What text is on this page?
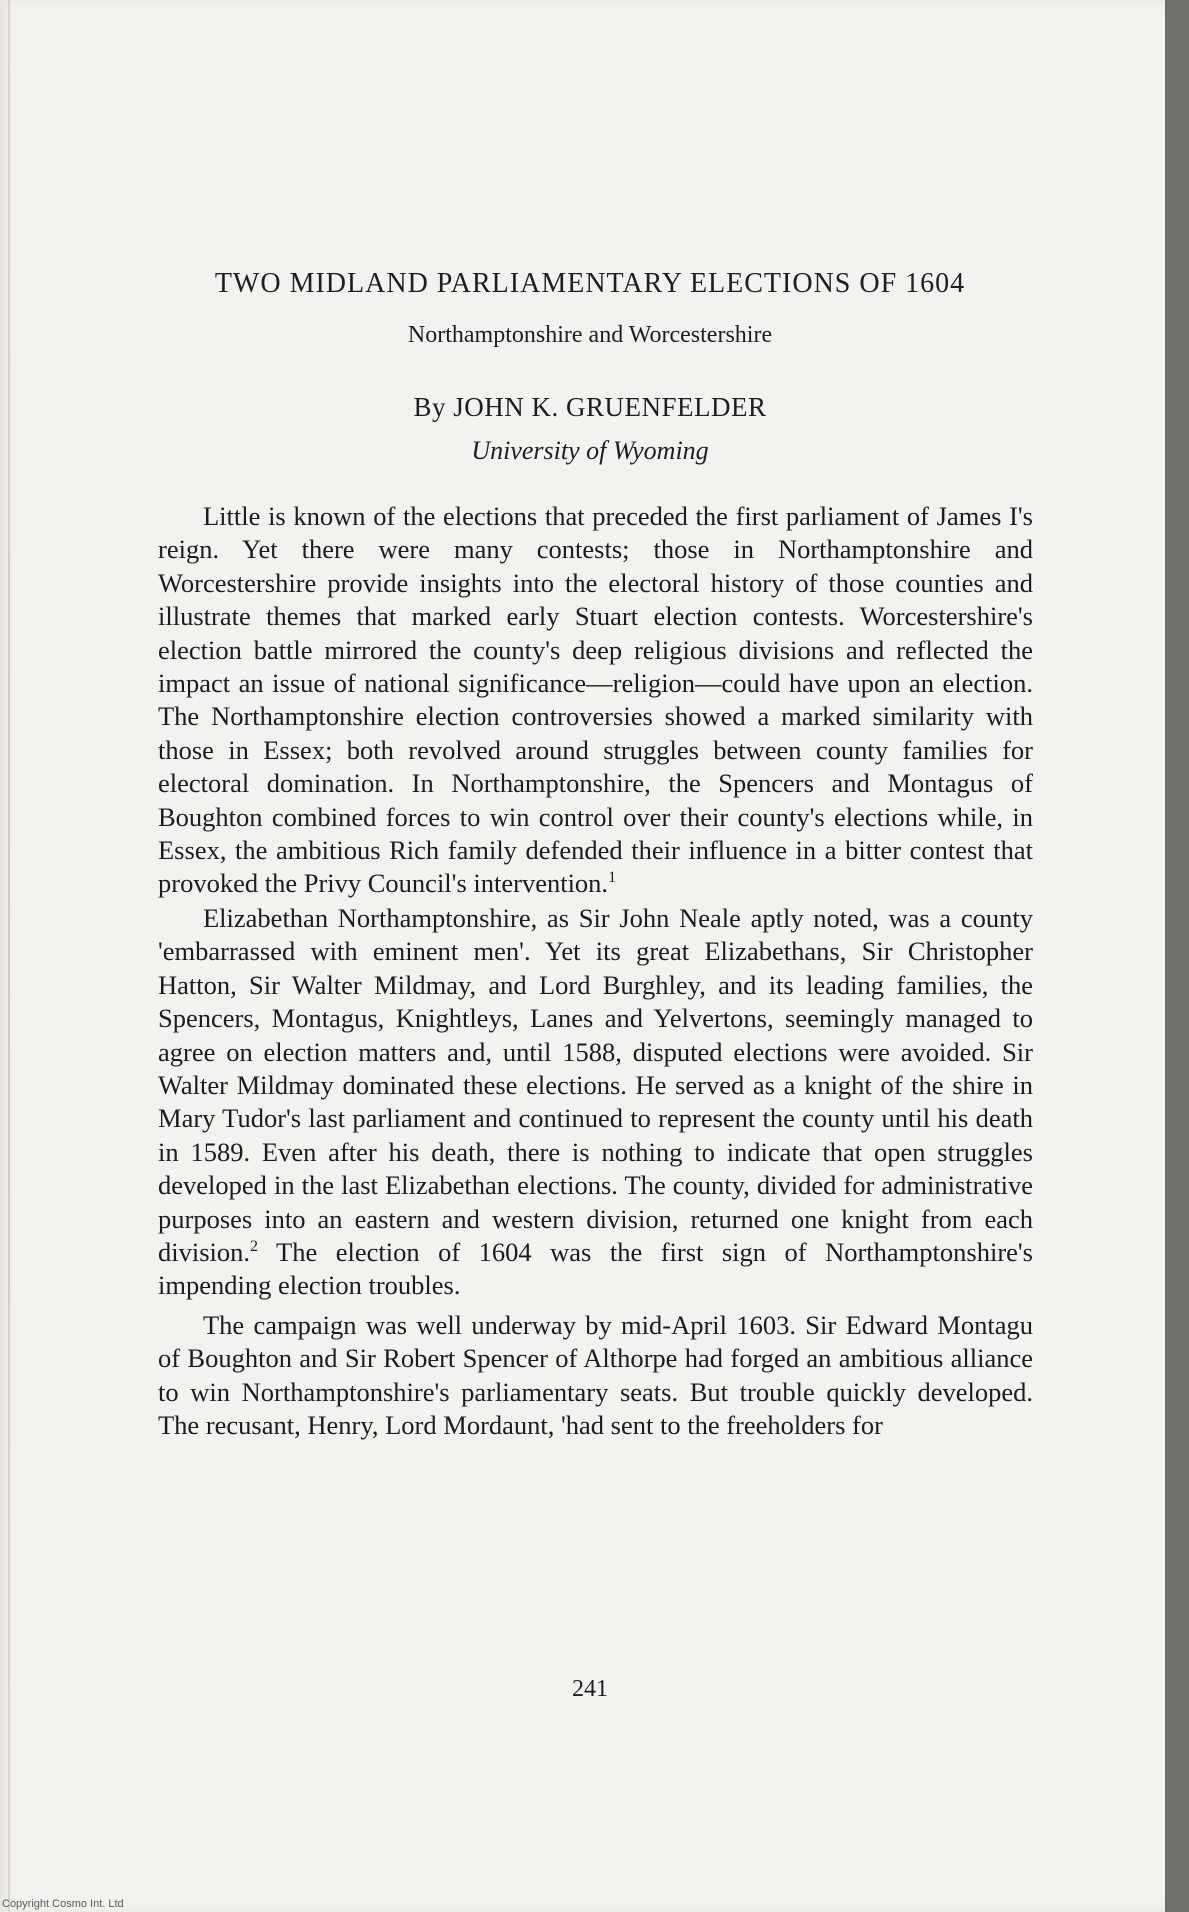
TWO MIDLAND PARLIAMENTARY ELECTIONS OF 1604
Northamptonshire and Worcestershire
By JOHN K. GRUENFELDER
University of Wyoming

Little is known of the elections that preceded the first parliament of James I's reign. Yet there were many contests; those in Northamptonshire and Worcestershire provide insights into the electoral history of those counties and illustrate themes that marked early Stuart election contests. Worcestershire's election battle mirrored the county's deep religious divisions and reflected the impact an issue of national significance—religion—could have upon an election. The Northamptonshire election controversies showed a marked similarity with those in Essex; both revolved around struggles between county families for electoral domination. In Northamptonshire, the Spencers and Montagus of Boughton combined forces to win control over their county's elections while, in Essex, the ambitious Rich family defended their influence in a bitter contest that provoked the Privy Council's intervention.$^1$

Elizabethan Northamptonshire, as Sir John Neale aptly noted, was a county 'embarrassed with eminent men'. Yet its great Elizabethans, Sir Christopher Hatton, Sir Walter Mildmay, and Lord Burghley, and its leading families, the Spencers, Montagus, Knightleys, Lanes and Yelvertons, seemingly managed to agree on election matters and, until 1588, disputed elections were avoided. Sir Walter Mildmay dominated these elections. He served as a knight of the shire in Mary Tudor's last parliament and continued to represent the county until his death in 1589. Even after his death, there is nothing to indicate that open struggles developed in the last Elizabethan elections. The county, divided for administrative purposes into an eastern and western division, returned one knight from each division.$^2$ The election of 1604 was the first sign of Northamptonshire's impending election troubles.

The campaign was well underway by mid-April 1603. Sir Edward Montagu of Boughton and Sir Robert Spencer of Althorpe had forged an ambitious alliance to win Northamptonshire's parliamentary seats. But trouble quickly developed. The recusant, Henry, Lord Mordaunt, 'had sent to the freeholders for

241
Copyright Cosmo Int. Ltd
